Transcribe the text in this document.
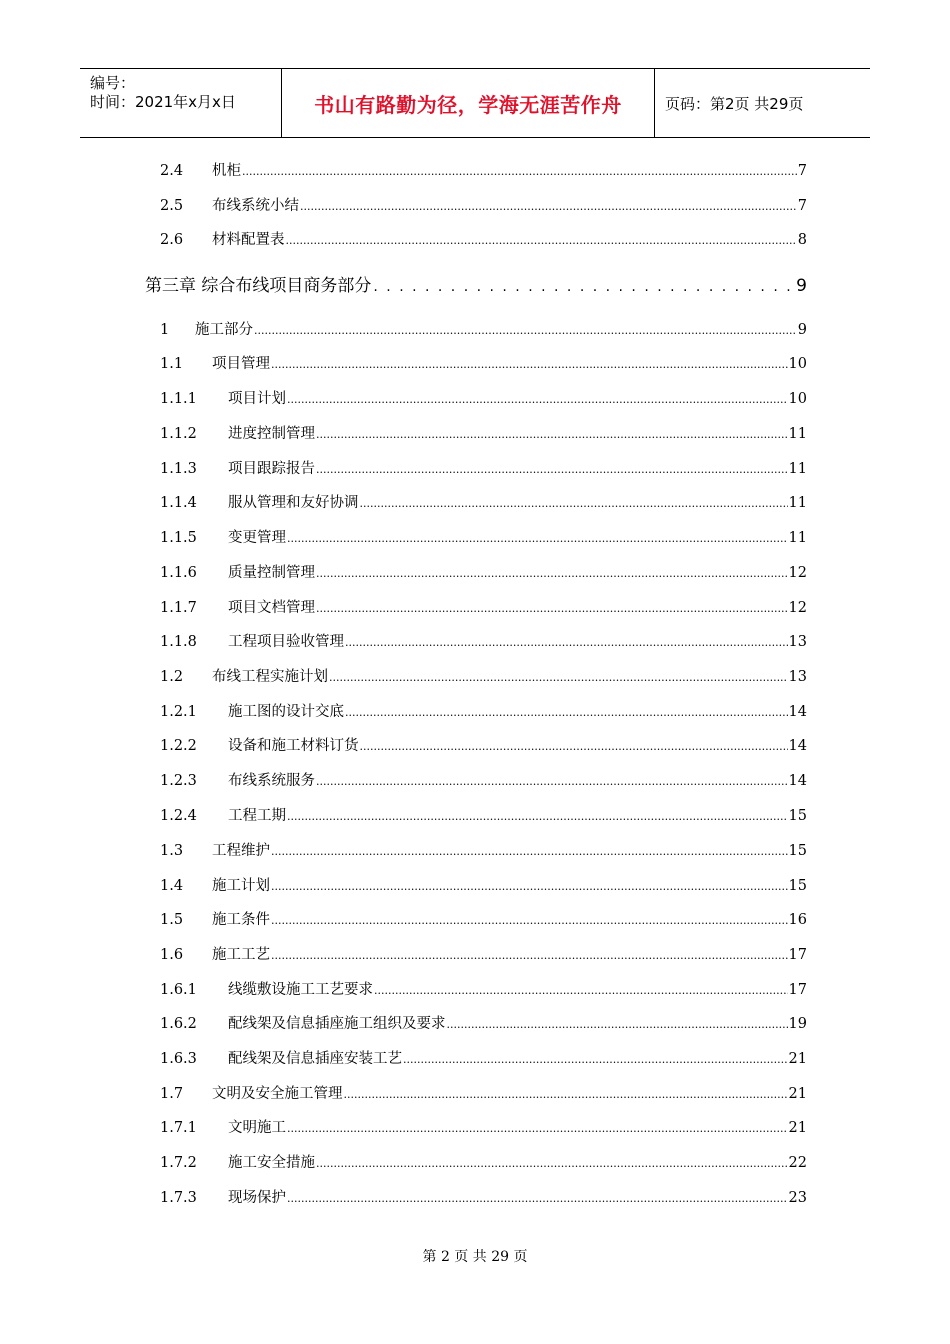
编号：
时间：2021年x月x日	书山有路勤为径，学海无涯苦作舟	页码：第2页 共29页
2.4 机柜 .....	7
2.5 布线系统小结 .....	7
2.6 材料配置表 .....	8
第三章 综合布线项目商务部分 . . .	9
1 施工部分 .....	9
1.1 项目管理 .....	10
1.1.1 项目计划 .....	10
1.1.2 进度控制管理 .....	11
1.1.3 项目跟踪报告 .....	11
1.1.4 服从管理和友好协调 .....	11
1.1.5 变更管理 .....	11
1.1.6 质量控制管理 .....	12
1.1.7 项目文档管理 .....	12
1.1.8 工程项目验收管理 .....	13
1.2 布线工程实施计划 .....	13
1.2.1 施工图的设计交底 .....	14
1.2.2 设备和施工材料订货 .....	14
1.2.3 布线系统服务 .....	14
1.2.4 工程工期 .....	15
1.3 工程维护 .....	15
1.4 施工计划 .....	15
1.5 施工条件 .....	16
1.6 施工工艺 .....	17
1.6.1 线缆敷设施工工艺要求 .....	17
1.6.2 配线架及信息插座施工组织及要求 .....	19
1.6.3 配线架及信息插座安装工艺 .....	21
1.7 文明及安全施工管理 .....	21
1.7.1 文明施工 .....	21
1.7.2 施工安全措施 .....	22
1.7.3 现场保护 .....	23
第 2 页 共 29 页
